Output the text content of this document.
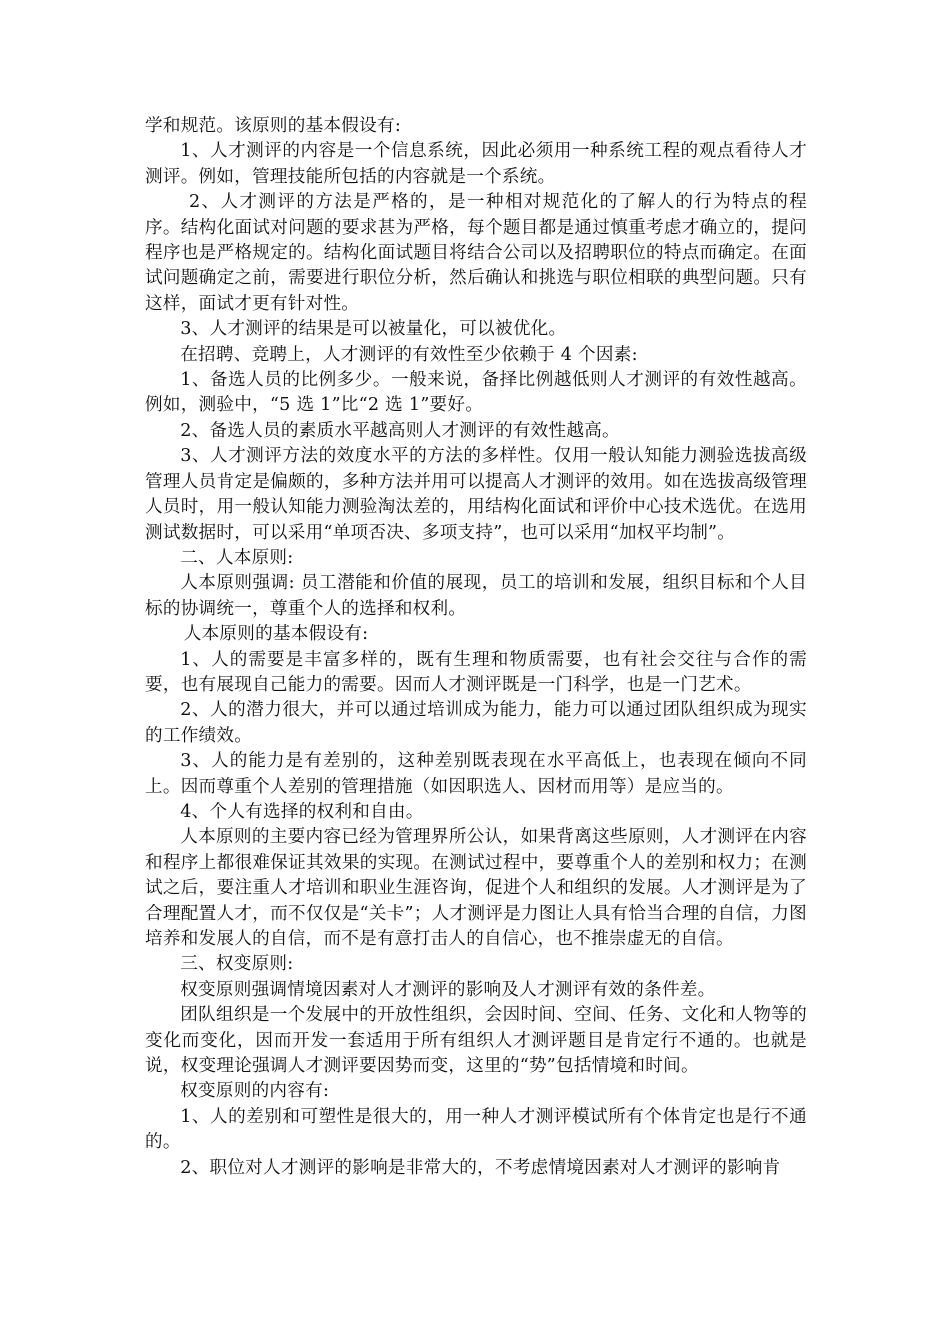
学和规范。该原则的基本假设有:

1、人才测评的内容是一个信息系统，因此必须用一种系统工程的观点看待人才测评。例如，管理技能所包括的内容就是一个系统。

2、人才测评的方法是严格的，是一种相对规范化的了解人的行为特点的程序。结构化面试对问题的要求甚为严格，每个题目都是通过慎重考虑才确立的，提问程序也是严格规定的。结构化面试题目将结合公司以及招聘职位的特点而确定。在面试问题确定之前，需要进行职位分析，然后确认和挑选与职位相联的典型问题。只有这样，面试才更有针对性。

3、人才测评的结果是可以被量化，可以被优化。

在招聘、竞聘上，人才测评的有效性至少依赖于 4 个因素:

1、备选人员的比例多少。一般来说，备择比例越低则人才测评的有效性越高。例如，测验中，“5 选 1”比“2 选 1”要好。

2、备选人员的素质水平越高则人才测评的有效性越高。

3、人才测评方法的效度水平的方法的多样性。仅用一般认知能力测验选拔高级管理人员肯定是偏颇的，多种方法并用可以提高人才测评的效用。如在选拔高级管理人员时，用一般认知能力测验淘汰差的，用结构化面试和评价中心技术选优。在选用测试数据时，可以采用“单项否决、多项支持”，也可以采用“加权平均制”。

二、人本原则:

人本原则强调: 员工潜能和价值的展现，员工的培训和发展，组织目标和个人目标的协调统一，尊重个人的选择和权利。

人本原则的基本假设有:

1、人的需要是丰富多样的，既有生理和物质需要，也有社会交往与合作的需要，也有展现自己能力的需要。因而人才测评既是一门科学，也是一门艺术。

2、人的潜力很大，并可以通过培训成为能力，能力可以通过团队组织成为现实的工作绩效。

3、人的能力是有差别的，这种差别既表现在水平高低上，也表现在倾向不同上。因而尊重个人差别的管理措施（如因职选人、因材而用等）是应当的。

4、个人有选择的权利和自由。

人本原则的主要内容已经为管理界所公认，如果背离这些原则，人才测评在内容和程序上都很难保证其效果的实现。在测试过程中，要尊重个人的差别和权力；在测试之后，要注重人才培训和职业生涯咨询，促进个人和组织的发展。人才测评是为了合理配置人才，而不仅仅是“关卡”；人才测评是力图让人具有恰当合理的自信，力图培养和发展人的自信，而不是有意打击人的自信心，也不推崇虚无的自信。

三、权变原则:

权变原则强调情境因素对人才测评的影响及人才测评有效的条件差。

团队组织是一个发展中的开放性组织，会因时间、空间、任务、文化和人物等的变化而变化，因而开发一套适用于所有组织人才测评题目是肯定行不通的。也就是说，权变理论强调人才测评要因势而变，这里的“势”包括情境和时间。

权变原则的内容有:

1、人的差别和可塑性是很大的，用一种人才测评模试所有个体肯定也是行不通的。

2、职位对人才测评的影响是非常大的，不考虑情境因素对人才测评的影响肯
